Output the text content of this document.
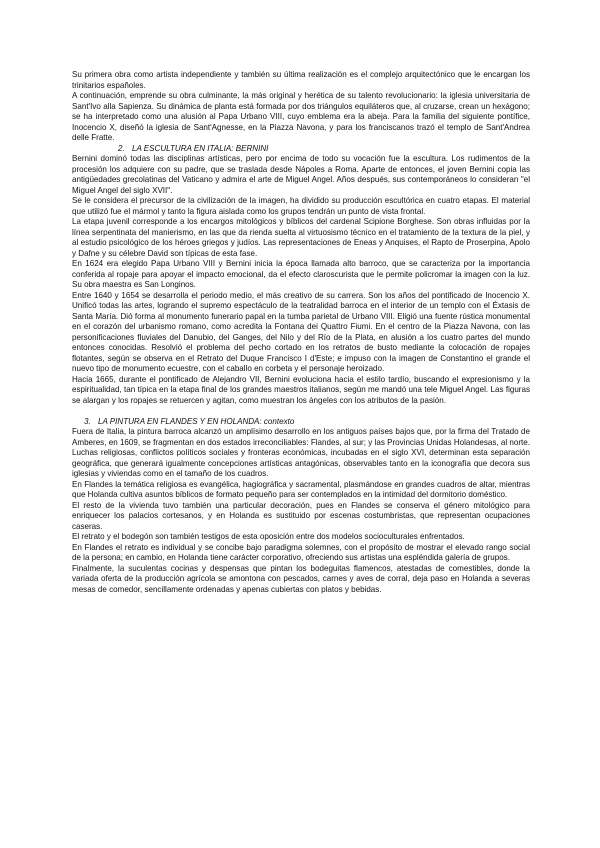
Su primera obra como artista independiente y también su última realización es el complejo arquitectónico que le encargan los trinitarios españoles.

A continuación, emprende su obra culminante, la más original y herética de su talento revolucionario: la iglesia universitaria de Sant'Ivo alla Sapienza. Su dinámica de planta está formada por dos triángulos equiláteros que, al cruzarse, crean un hexágono; se ha interpretado como una alusión al Papa Urbano VIII, cuyo emblema era la abeja. Para la familia del siguiente pontífice, Inocencio X, diseñó la iglesia de Sant'Agnesse, en la Piazza Navona, y para los franciscanos trazó el templo de Sant'Andrea delle Fratte.

2. LA ESCULTURA EN ITALIA: BERNINI

Bernini dominó todas las disciplinas artísticas, pero por encima de todo su vocación fue la escultura. Los rudimentos de la procesión los adquiere con su padre, que se traslada desde Nápoles a Roma. Aparte de entonces, el joven Bernini copia las antigüedades grecolatinas del Vaticano y admira el arte de Miguel Angel. Años después, sus contemporáneos lo consideran "el Miguel Angel del siglo XVII".

Se le considera el precursor de la civilización de la imagen, ha dividido su producción escultórica en cuatro etapas. El material que utilizó fue el mármol y tanto la figura aislada como los grupos tendrán un punto de vista frontal.

La etapa juvenil corresponde a los encargos mitológicos y bíblicos del cardenal Scipione Borghese. Son obras influidas por la línea serpentinata del manierismo, en las que da rienda suelta al virtuosismo técnico en el tratamiento de la textura de la piel, y al estudio psicológico de los héroes griegos y judíos. Las representaciones de Eneas y Anquises, el Rapto de Proserpina, Apolo y Dafne y su célebre David son típicas de esta fase.

En 1624 era elegido Papa Urbano VIII y Bernini inicia la época llamada alto barroco, que se caracteriza por la importancia conferida al ropaje para apoyar el impacto emocional, da el efecto claroscurista que le permite policromar la imagen con la luz. Su obra maestra es San Longinos.

Entre 1640 y 1654 se desarrolla el periodo medio, el más creativo de su carrera. Son los años del pontificado de Inocencio X. Unificó todas las artes, logrando el supremo espectáculo de la teatralidad barroca en el interior de un templo con el Éxtasis de Santa María. Dió forma al monumento funerario papal en la tumba parietal de Urbano VIII. Eligió una fuente rústica monumental en el corazón del urbanismo romano, como acredita la Fontana dei Quattro Fiumi. En el centro de la Piazza Navona, con las personificaciones fluviales del Danubio, del Ganges, del Nilo y del Río de la Plata, en alusión a los cuatro partes del mundo entonces conocidas. Resolvió el problema del pecho cortado en los retratos de busto mediante la colocación de ropajes flotantes, según se observa en el Retrato del Duque Francisco I d'Este; e impuso con la imagen de Constantino el grande el nuevo tipo de monumento ecuestre, con el caballo en corbeta y el personaje heroizado.

Hacia 1665, durante el pontificado de Alejandro VII, Bernini evoluciona hacia el estilo tardío, buscando el expresionismo y la espiritualidad, tan típica en la etapa final de los grandes maestros italianos, según me mandó una tele Miguel Angel. Las figuras se alargan y los ropajes se retuercen y agitan, como muestran los ángeles con los atributos de la pasión.

3. LA PINTURA EN FLANDES Y EN HOLANDA: contexto

Fuera de Italia, la pintura barroca alcanzó un amplísimo desarrollo en los antiguos países bajos que, por la firma del Tratado de Amberes, en 1609, se fragmentan en dos estados irreconciliables: Flandes, al sur; y las Provincias Unidas Holandesas, al norte. Luchas religiosas, conflictos políticos sociales y fronteras económicas, incubadas en el siglo XVI, determinan esta separación geográfica, que generará igualmente concepciones artísticas antagónicas, observables tanto en la iconografía que decora sus iglesias y viviendas como en el tamaño de los cuadros.

En Flandes la temática religiosa es evangélica, hagiográfica y sacramental, plasmándose en grandes cuadros de altar, mientras que Holanda cultiva asuntos bíblicos de formato pequeño para ser contemplados en la intimidad del dormitorio doméstico.

El resto de la vivienda tuvo también una particular decoración, pues en Flandes se conserva el género mitológico para enriquecer los palacios cortesanos, y en Holanda es sustituido por escenas costumbristas, que representan ocupaciones caseras.

El retrato y el bodegón son también testigos de esta oposición entre dos modelos socioculturales enfrentados.

En Flandes el retrato es individual y se concibe bajo paradigma solemnes, con el propósito de mostrar el elevado rango social de la persona; en cambio, en Holanda tiene carácter corporativo, ofreciendo sus artistas una espléndida galería de grupos.

Finalmente, la suculentas cocinas y despensas que pintan los bodeguitas flamencos, atestadas de comestibles, donde la variada oferta de la producción agrícola se amontona con pescados, carnes y aves de corral, deja paso en Holanda a severas mesas de comedor, sencillamente ordenadas y apenas cubiertas con platos y bebidas.
